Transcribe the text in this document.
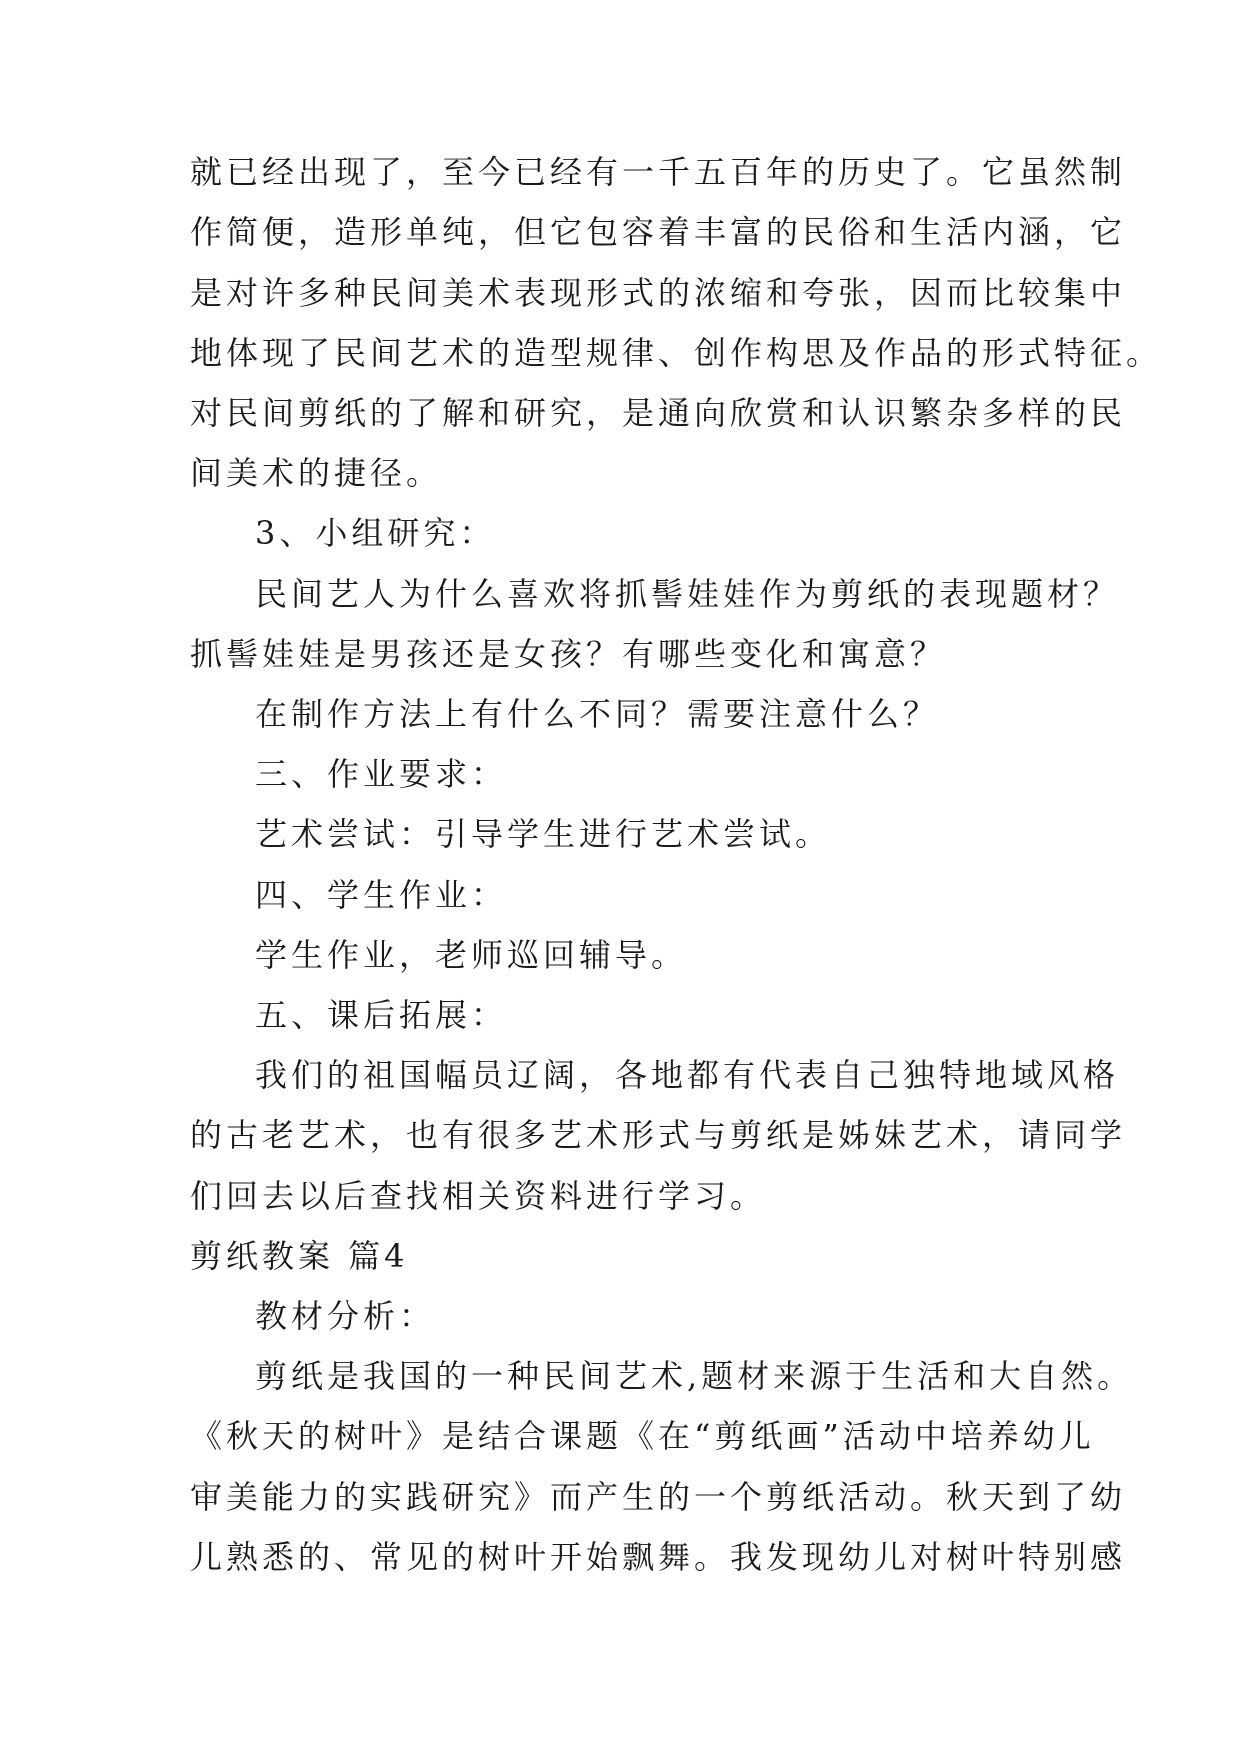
就已经出现了，至今已经有一千五百年的历史了。它虽然制
作简便，造形单纯，但它包容着丰富的民俗和生活内涵，它
是对许多种民间美术表现形式的浓缩和夸张，因而比较集中
地体现了民间艺术的造型规律、创作构思及作品的形式特征。
对民间剪纸的了解和研究，是通向欣赏和认识繁杂多样的民
间美术的捷径。
3、小组研究：
民间艺人为什么喜欢将抓髻娃娃作为剪纸的表现题材？
抓髻娃娃是男孩还是女孩？有哪些变化和寓意？
在制作方法上有什么不同？需要注意什么？
三、作业要求：
艺术尝试：引导学生进行艺术尝试。
四、学生作业：
学生作业，老师巡回辅导。
五、课后拓展：
我们的祖国幅员辽阔，各地都有代表自己独特地域风格
的古老艺术，也有很多艺术形式与剪纸是姊妹艺术，请同学
们回去以后查找相关资料进行学习。
剪纸教案 篇4
教材分析：
剪纸是我国的一种民间艺术,题材来源于生活和大自然。
《秋天的树叶》是结合课题《在“剪纸画”活动中培养幼儿
审美能力的实践研究》而产生的一个剪纸活动。秋天到了幼
儿熟悉的、常见的树叶开始飘舞。我发现幼儿对树叶特别感
